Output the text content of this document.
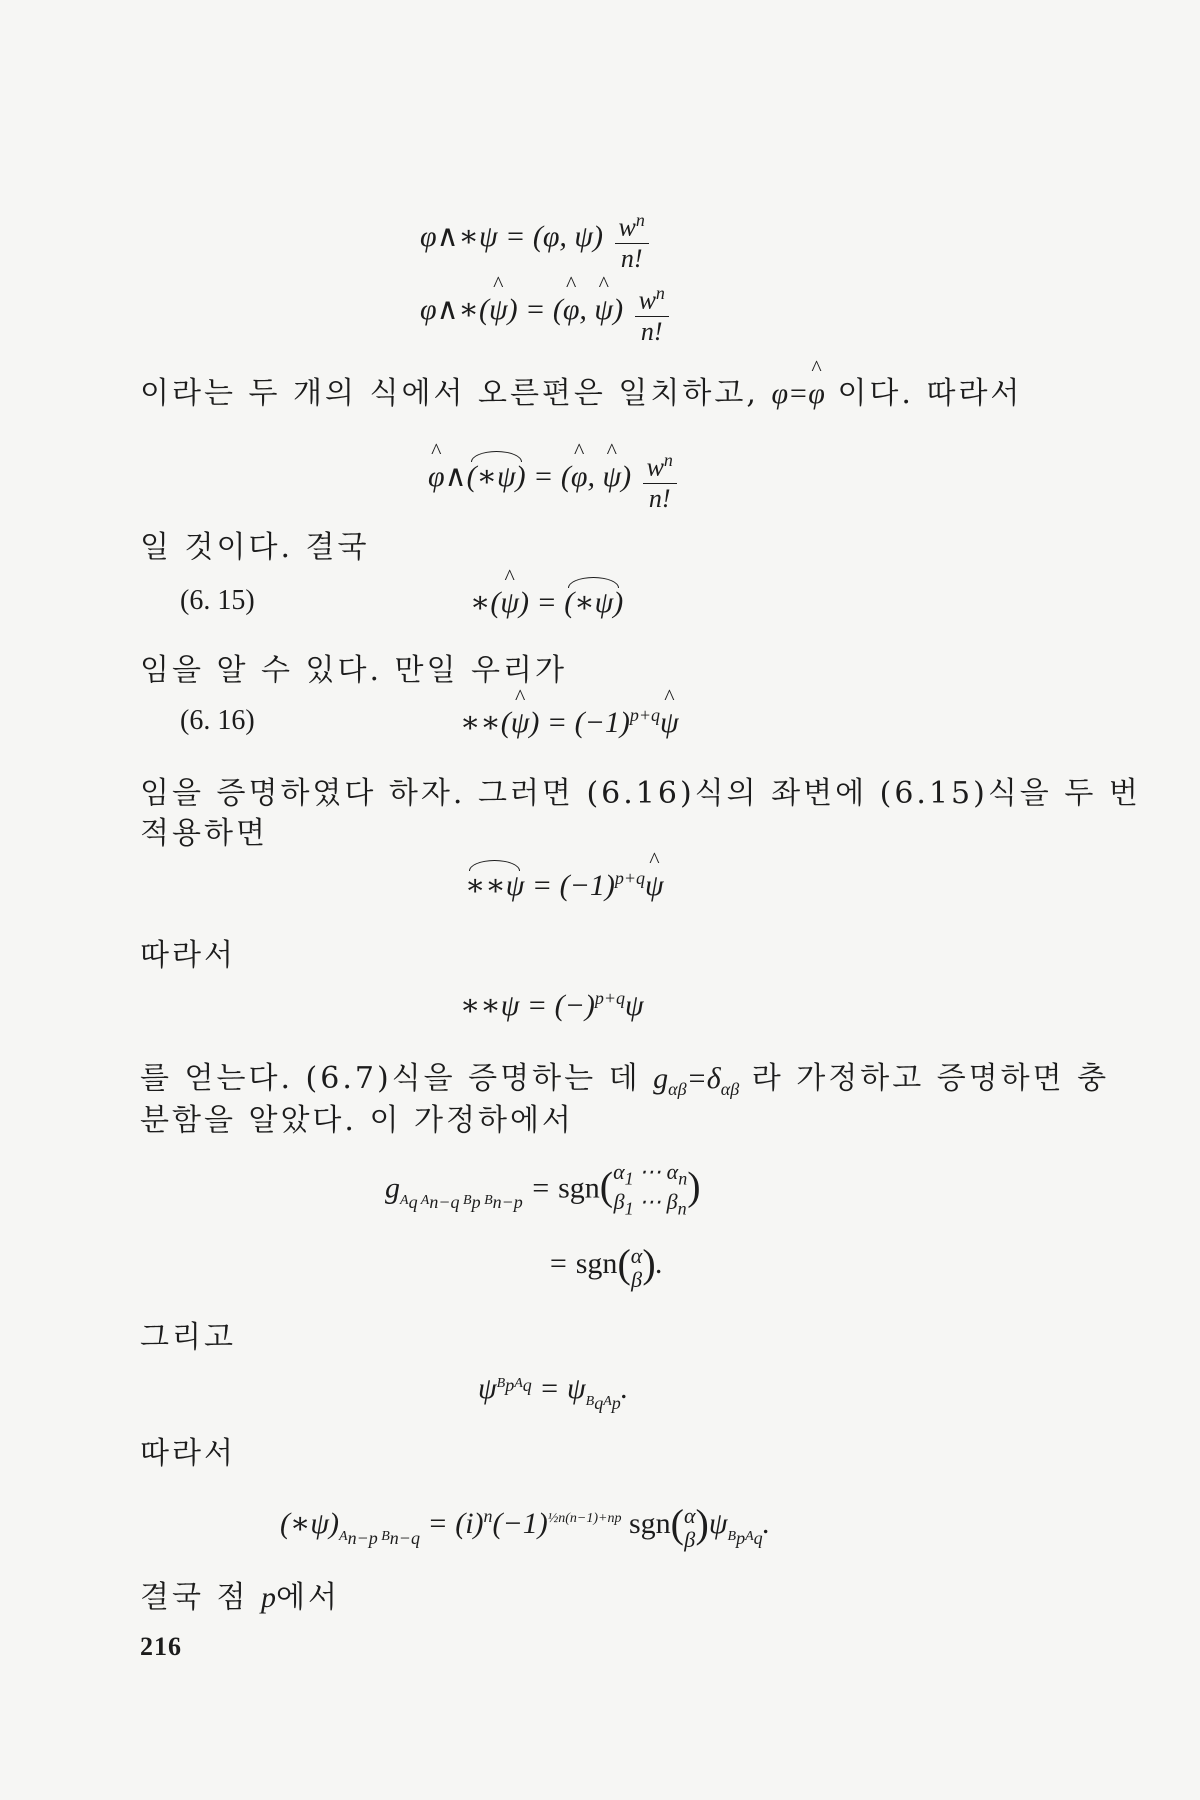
φ∧∗ψ = (φ, $\psi) \frac{w^n}{n!}$
φ∧∗(^ ψ) = (^ φ, ^ $\psi) \frac{w^n}{n!}$
이라는 두 개의 식에서 오른편은 일치하고, φ=^ φ 이다. 따라서
^ φ∧(∗ψ) = (^ φ, ^ $\psi) \frac{w^n}{n!}$
일 것이다. 결국
(6. 15)	∗(^ ψ) = (∗ψ)
임을 알 수 있다. 만일 우리가
(6. 16)	∗∗(^ $\psi) = (-1)^{p+q}\^{}$ ψ
임을 증명하였다 하자. 그러면 (6.16)식의 좌변에 (6.15)식을 두 번
적용하면
∗∗ψ = $(-1)^{p+q}\^{}$ ψ
따라서
∗∗ψ = $(-)^{p+q}\psi$
를 얻는다. (6.7)식을 증명하는 데 $g_{\alpha\beta}=\delta_{\alpha\beta}$ 라 가정하고 증명하면 충
분함을 알았다. 이 가정하에서
$g_{A_q A_{n-q} B_p B_{n-p}} = sgn(\alpha_1$ ⋯ $\alpha_n$
$\beta_1$ ⋯ $\beta_n$)
= sgn(α
β).
그리고
$\psi^{B_pA_q} = \psi_{B_qA_p}$.
따라서
$(∗\psi)_{A_{n-p} B_{n-q}} = (i)^n(-1)^{\frac{1}{2}n(n-1)+np}$ sgn(α
$\beta)\psi_{B_pA_q}$.
결국 점 p에서
216
